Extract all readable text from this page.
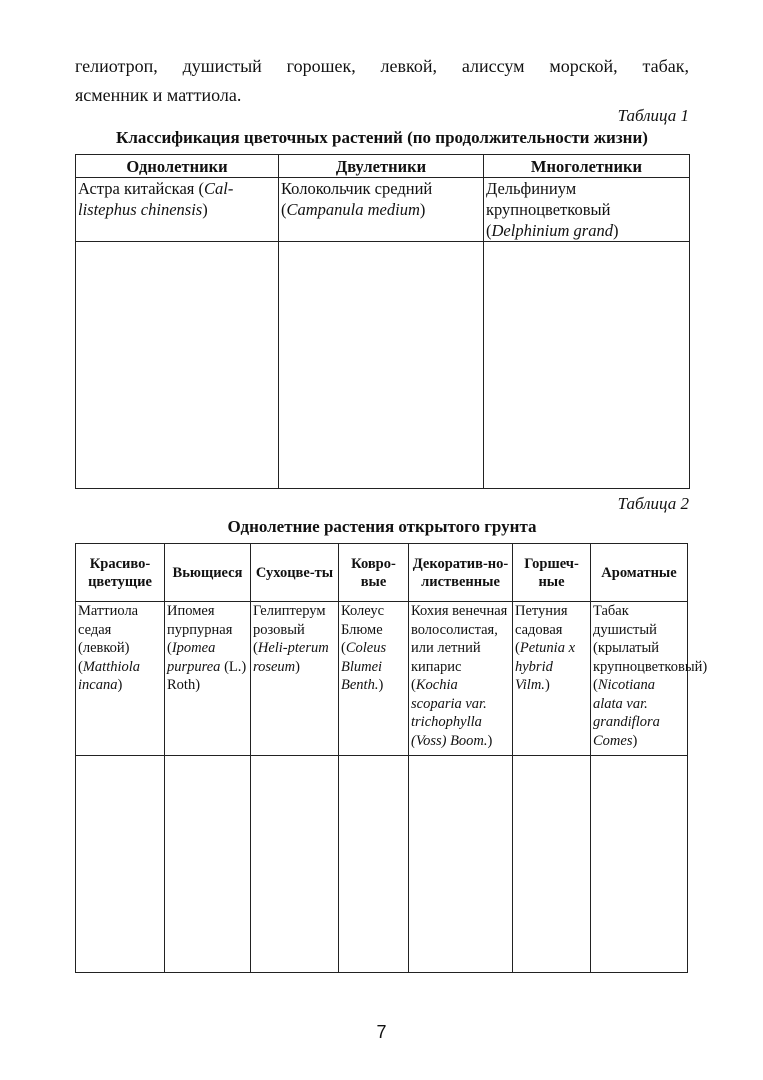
гелиотроп, душистый горошек, левкой, алиссум морской, табак,
ясменник и маттиола.
Таблица 1
Классификация цветочных растений (по продолжительности жизни)
Однолетники	Двулетники	Многолетники
Астра китайская (Cal-listephus chinensis)	Колокольчик средний (Campanula medium)	Дельфиниум крупноцветковый (Delphinium grand)

Таблица 2
Однолетние растения открытого грунта
Красиво-цветущие	Вьющиеся	Сухоцве-ты	Ковро-вые	Декоратив-но-лиственные	Горшеч-ные	Ароматные
Маттиола седая (левкой) (Matthiola incana)	Ипомея пурпурная (Ipomea purpurea (L.) Roth)	Гелиптерум розовый (Heli-pterum roseum)	Колеус Блюме (Coleus Blumei Benth.)	Кохия венечная волосолистая, или летний кипарис (Kochia scoparia var. trichophylla (Voss) Boom.)	Петуния садовая (Petunia x hybrid Vilm.)	Табак душистый (крылатый крупноцветковый) (Nicotiana alata var. grandiflora Comes)

7
